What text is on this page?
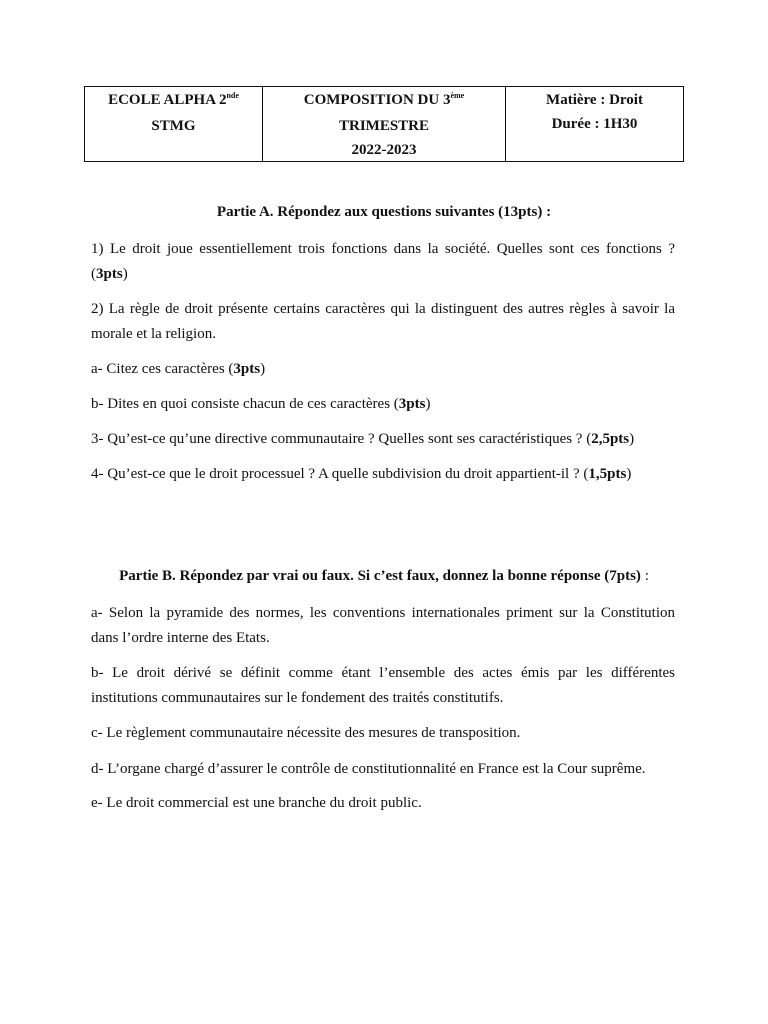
ECOLE ALPHA 2nde
STMG
COMPOSITION DU 3ème
TRIMESTRE
2022-2023
Matière : Droit
Durée : 1H30
Partie A. Répondez aux questions suivantes (13pts) :
1) Le droit joue essentiellement trois fonctions dans la société. Quelles sont ces fonctions ? (3pts)
2) La règle de droit présente certains caractères qui la distinguent des autres règles à savoir la morale et la religion.
a- Citez ces caractères (3pts)
b- Dites en quoi consiste chacun de ces caractères (3pts)
3- Qu’est-ce qu’une directive communautaire ? Quelles sont ses caractéristiques ? (2,5pts)
4- Qu’est-ce que le droit processuel ? A quelle subdivision du droit appartient-il ? (1,5pts)
Partie B. Répondez par vrai ou faux. Si c’est faux, donnez la bonne réponse (7pts) :
a- Selon la pyramide des normes, les conventions internationales priment sur la Constitution dans l’ordre interne des Etats.
b- Le droit dérivé se définit comme étant l’ensemble des actes émis par les différentes institutions communautaires sur le fondement des traités constitutifs.
c- Le règlement communautaire nécessite des mesures de transposition.
d- L’organe chargé d’assurer le contrôle de constitutionnalité en France est la Cour suprême.
e- Le droit commercial est une branche du droit public.
